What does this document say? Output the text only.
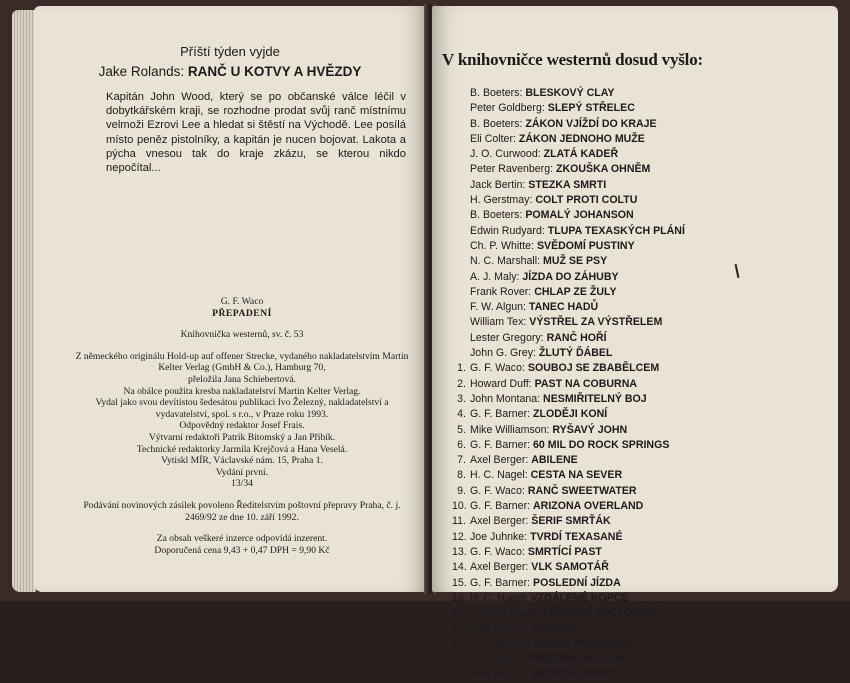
Příští týden vyjde
Jake Rolands: RANČ U KOTVY A HVĚZDY
Kapitán John Wood, který se po občanské válce léčil v dobytkářském kraji, se rozhodne prodat svůj ranč místnímu velmoži Ezrovi Lee a hledat si štěstí na Východě. Lee posílá místo peněz pistolníky, a kapitán je nucen bojovat. Lakota a pýcha vnesou tak do kraje zkázu, se kterou nikdo nepočítal...
G. F. Waco
PŘEPADENÍ
Knihovnička westernů, sv. č. 53
Z německého originálu Hold-up auf offener Strecke, vydaného nakladatelstvím Martin Kelter Verlag (GmbH & Co.), Hamburg 70,
přeložila Jana Schiebertová.
Na obálce použita kresba nakladatelství Martin Kelter Verlag.
Vydal jako svou devítistou šedesátou publikaci Ivo Železný, nakladatelství a vydavatelství, spol. s r.o., v Praze roku 1993.
Odpovědný redaktor Josef Frais.
Výtvarní redaktoři Patrik Bitomský a Jan Příbík.
Technické redaktorky Jarmila Krejčová a Hana Veselá.
Vytiskl MÍR, Václavské nám. 15, Praha 1.
Vydání první.
13/34
Podávání novinových zásilek povoleno Ředitelstvím poštovní přepravy Praha, č. j. 2469/92 ze dne 10. září 1992.
Za obsah veškeré inzerce odpovídá inzerent.
Doporučená cena 9,43 + 0,47 DPH = 9,90 Kč
V knihovničce westernů dosud vyšlo:
B. Boeters: BLESKOVÝ CLAY
Peter Goldberg: SLEPÝ STŘELEC
B. Boeters: ZÁKON VJÍŽDÍ DO KRAJE
Eli Colter: ZÁKON JEDNOHO MUŽE
J. O. Curwood: ZLATÁ KADEŘ
Peter Ravenberg: ZKOUŠKA OHNĚM
Jack Bertin: STEZKA SMRTI
H. Gerstmay: COLT PROTI COLTU
B. Boeters: POMALÝ JOHANSON
Edwin Rudyard: TLUPA TEXASKÝCH PLÁNÍ
Ch. P. Whitte: SVĚDOMÍ PUSTINY
N. C. Marshall: MUŽ SE PSY
A. J. Maly: JÍZDA DO ZÁHUBY
Frank Rover: CHLAP ZE ŽULY
F. W. Algun: TANEC HADŮ
William Tex: VÝSTŘEL ZA VÝSTŘELEM
Lester Gregory: RANČ HOŘÍ
John G. Grey: ŽLUTÝ ĎÁBEL
1. G. F. Waco: SOUBOJ SE ZBABĚLCEM
2. Howard Duff: PAST NA COBURNA
3. John Montana: NESMIŘITELNÝ BOJ
4. G. F. Barner: ZLODĚJI KONÍ
5. Mike Williamson: RYŠAVÝ JOHN
6. G. F. Barner: 60 MIL DO ROCK SPRINGS
7. Axel Berger: ABILENE
8. H. C. Nagel: CESTA NA SEVER
9. G. F. Waco: RANČ SWEETWATER
10. G. F. Barner: ARIZONA OVERLAND
11. Axel Berger: ŠERIF SMRŤÁK
12. Joe Juhnke: TVRDÍ TEXASANÉ
13. G. F. Waco: SMRTÍCÍ PAST
14. Axel Berger: VLK SAMOTÁŘ
15. G. F. Barner: POSLEDNÍ JÍZDA
16. H. C. Nagel: VZDÁLENÉ KOPCE
17. Charles Boast: PŘICHÁZÍ ZÚČTOVÁNÍ
18. Axel Berger: ZRÁDCE
19. G. F. Barner: VŮDCE PAŠERÁKŮ
20. G. F. Waco: PŘÍŠERNÝ NÁKLAD
21. Axel Berger: MĚSÍČNÍ JEZDCI
